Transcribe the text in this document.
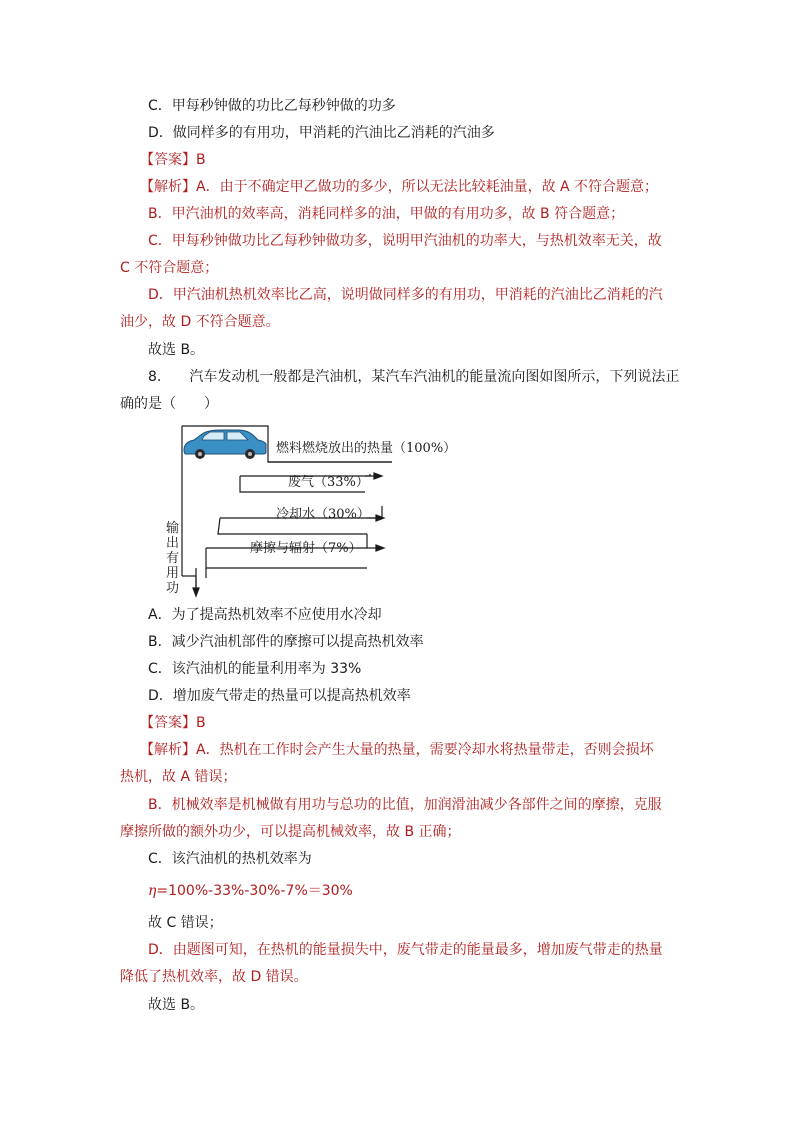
C．甲每秒钟做的功比乙每秒钟做的功多
D．做同样多的有用功，甲消耗的汽油比乙消耗的汽油多
【答案】B
【解析】A．由于不确定甲乙做功的多少，所以无法比较耗油量，故 A 不符合题意；
B．甲汽油机的效率高，消耗同样多的油，甲做的有用功多，故 B 符合题意；
C．甲每秒钟做功比乙每秒钟做功多，说明甲汽油机的功率大，与热机效率无关，故
C 不符合题意；
D．甲汽油机热机效率比乙高，说明做同样多的有用功，甲消耗的汽油比乙消耗的汽
油少，故 D 不符合题意。
故选 B。
8.　　汽车发动机一般都是汽油机，某汽车汽油机的能量流向图如图所示，下列说法正
确的是（　　）
燃料燃烧放出的热量（100%）
废气（33%）
冷却水（30%）
摩擦与辐射（7%）
输
出
有
用
功
A．为了提高热机效率不应使用水冷却
B．减少汽油机部件的摩擦可以提高热机效率
C．该汽油机的能量利用率为 33%
D．增加废气带走的热量可以提高热机效率
【答案】B
【解析】A．热机在工作时会产生大量的热量，需要冷却水将热量带走，否则会损坏
热机，故 A 错误；
B．机械效率是机械做有用功与总功的比值，加润滑油减少各部件之间的摩擦，克服
摩擦所做的额外功少，可以提高机械效率，故 B 正确；
C．该汽油机的热机效率为
η=100%-33%-30%-7%＝30%
故 C 错误；
D．由题图可知，在热机的能量损失中，废气带走的能量最多，增加废气带走的热量
降低了热机效率，故 D 错误。
故选 B。
